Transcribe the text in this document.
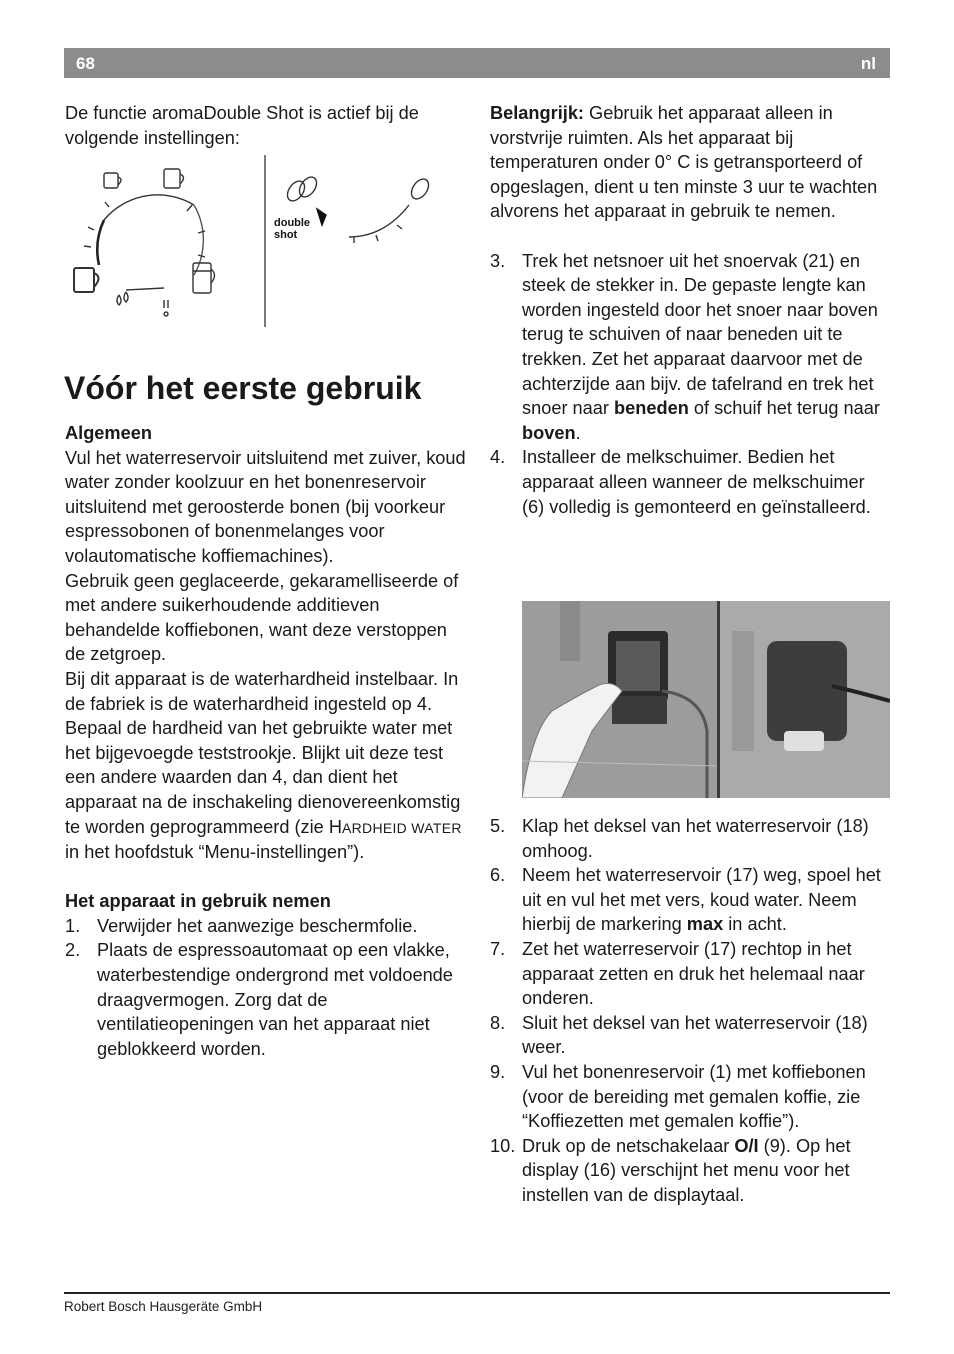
68	nl

De functie aromaDouble Shot is actief bij de volgende instellingen:

double
shot
Vóór het eerste gebruik

Algemeen

Vul het waterreservoir uitsluitend met zuiver, koud water zonder koolzuur en het bonenreservoir uitsluitend met geroosterde bonen (bij voorkeur espressobonen of bonenmelanges voor volautomatische koffiemachines).

Gebruik geen geglaceerde, gekaramelliseerde of met andere suikerhoudende additieven behandelde koffiebonen, want deze verstoppen de zetgroep.

Bij dit apparaat is de waterhardheid instelbaar. In de fabriek is de waterhardheid ingesteld op 4. Bepaal de hardheid van het gebruikte water met het bijgevoegde teststrookje. Blijkt uit deze test een andere waarden dan 4, dan dient het apparaat na de inschakeling dienovereenkomstig te worden geprogrammeerd (zie HARDHEID WATER in het hoofdstuk “Menu-instellingen”).

Het apparaat in gebruik nemen

1. Verwijder het aanwezige beschermfolie.
2. Plaats de espressoautomaat op een vlakke, waterbestendige ondergrond met voldoende draagvermogen. Zorg dat de ventilatieopeningen van het apparaat niet geblokkeerd worden.

Belangrijk: Gebruik het apparaat alleen in vorstvrije ruimten. Als het apparaat bij temperaturen onder 0° C is getransporteerd of opgeslagen, dient u ten minste 3 uur te wachten alvorens het apparaat in gebruik te nemen.

3. Trek het netsnoer uit het snoervak (21) en steek de stekker in. De gepaste lengte kan worden ingesteld door het snoer naar boven terug te schuiven of naar beneden uit te trekken. Zet het apparaat daarvoor met de achterzijde aan bijv. de tafelrand en trek het snoer naar beneden of schuif het terug naar boven.
4. Installeer de melkschuimer. Bedien het apparaat alleen wanneer de melkschuimer (6) volledig is gemonteerd en geïnstalleerd.
5. Klap het deksel van het waterreservoir (18) omhoog.
6. Neem het waterreservoir (17) weg, spoel het uit en vul het met vers, koud water. Neem hierbij de markering max in acht.
7. Zet het waterreservoir (17) rechtop in het apparaat zetten en druk het helemaal naar onderen.
8. Sluit het deksel van het waterreservoir (18) weer.
9. Vul het bonenreservoir (1) met koffiebonen (voor de bereiding met gemalen koffie, zie “Koffiezetten met gemalen koffie”).
10. Druk op de netschakelaar O/I (9). Op het display (16) verschijnt het menu voor het instellen van de displaytaal.
Robert Bosch Hausgeräte GmbH
